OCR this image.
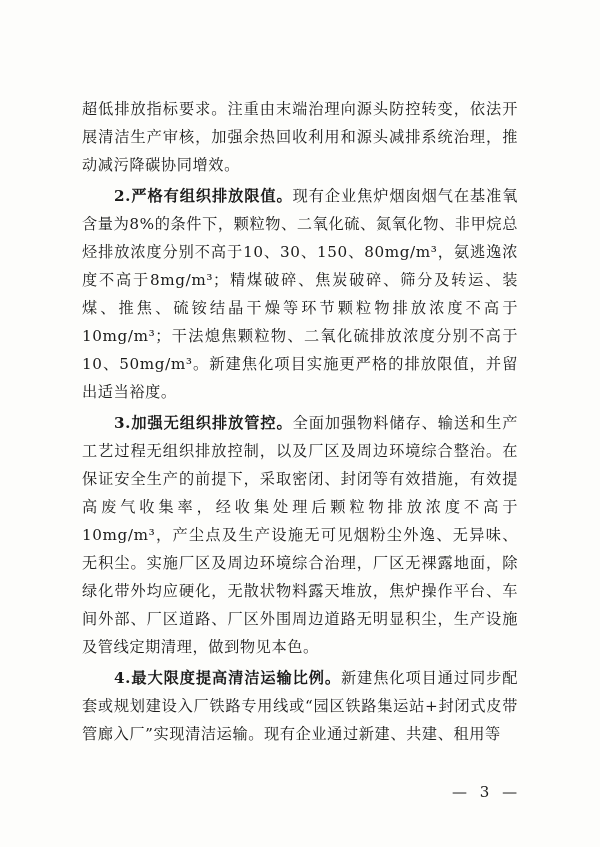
超低排放指标要求。注重由末端治理向源头防控转变，依法开展清洁生产审核，加强余热回收利用和源头减排系统治理，推动减污降碳协同增效。

2.严格有组织排放限值。现有企业焦炉烟囱烟气在基准氧含量为8%的条件下，颗粒物、二氧化硫、氮氧化物、非甲烷总烃排放浓度分别不高于10、30、150、80mg/m³，氨逃逸浓度不高于8mg/m³；精煤破碎、焦炭破碎、筛分及转运、装煤、推焦、硫铵结晶干燥等环节颗粒物排放浓度不高于10mg/m³；干法熄焦颗粒物、二氧化硫排放浓度分别不高于10、50mg/m³。新建焦化项目实施更严格的排放限值，并留出适当裕度。

3.加强无组织排放管控。全面加强物料储存、输送和生产工艺过程无组织排放控制，以及厂区及周边环境综合整治。在保证安全生产的前提下，采取密闭、封闭等有效措施，有效提高废气收集率，经收集处理后颗粒物排放浓度不高于10mg/m³，产尘点及生产设施无可见烟粉尘外逸、无异味、无积尘。实施厂区及周边环境综合治理，厂区无裸露地面，除绿化带外均应硬化，无散状物料露天堆放，焦炉操作平台、车间外部、厂区道路、厂区外围周边道路无明显积尘，生产设施及管线定期清理，做到物见本色。

4.最大限度提高清洁运输比例。新建焦化项目通过同步配套或规划建设入厂铁路专用线或“园区铁路集运站+封闭式皮带管廊入厂”实现清洁运输。现有企业通过新建、共建、租用等

— 3 —
